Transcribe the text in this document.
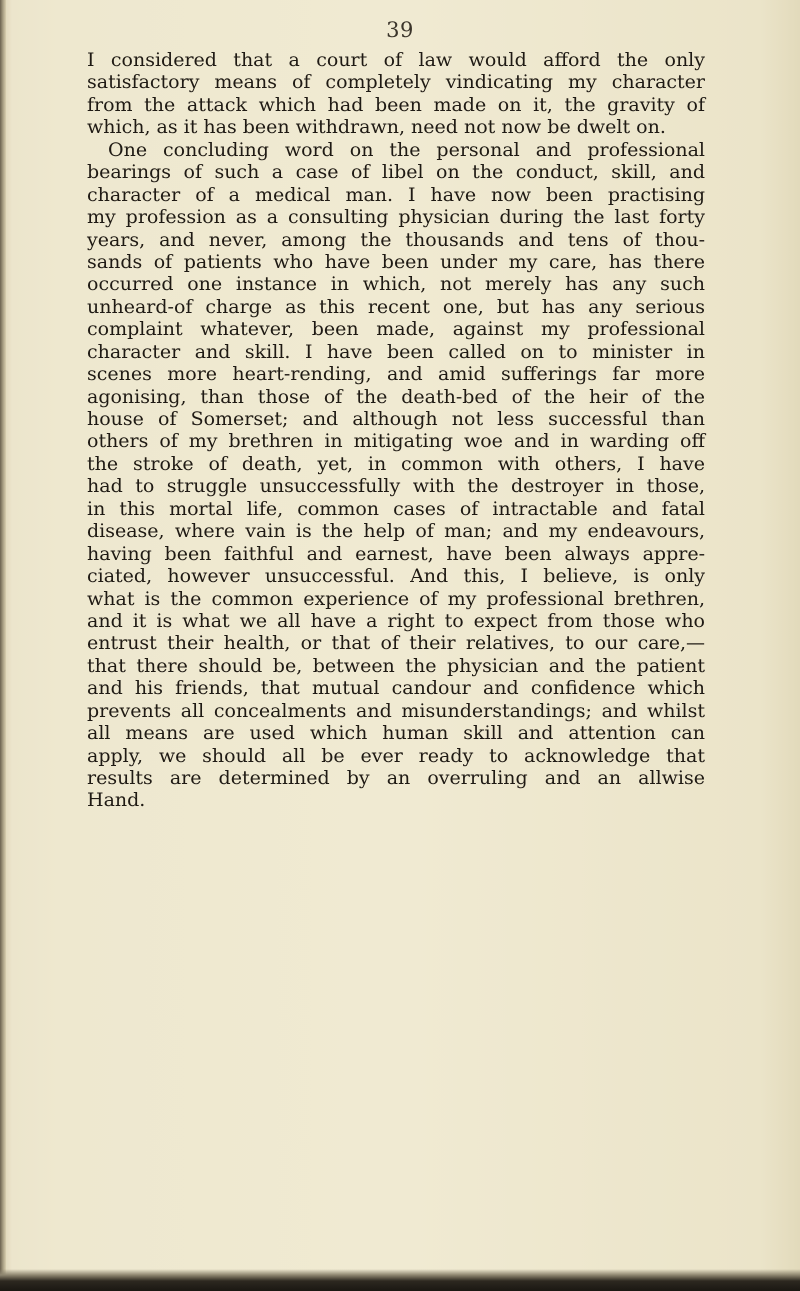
39
I considered that a court of law would afford the only
satisfactory means of completely vindicating my character
from the attack which had been made on it, the gravity of
which, as it has been withdrawn, need not now be dwelt on.
One concluding word on the personal and professional
bearings of such a case of libel on the conduct, skill, and
character of a medical man. I have now been practising
my profession as a consulting physician during the last forty
years, and never, among the thousands and tens of thou-
sands of patients who have been under my care, has there
occurred one instance in which, not merely has any such
unheard-of charge as this recent one, but has any serious
complaint whatever, been made, against my professional
character and skill. I have been called on to minister in
scenes more heart-rending, and amid sufferings far more
agonising, than those of the death-bed of the heir of the
house of Somerset; and although not less successful than
others of my brethren in mitigating woe and in warding off
the stroke of death, yet, in common with others, I have
had to struggle unsuccessfully with the destroyer in those,
in this mortal life, common cases of intractable and fatal
disease, where vain is the help of man; and my endeavours,
having been faithful and earnest, have been always appre-
ciated, however unsuccessful. And this, I believe, is only
what is the common experience of my professional brethren,
and it is what we all have a right to expect from those who
entrust their health, or that of their relatives, to our care,—
that there should be, between the physician and the patient
and his friends, that mutual candour and confidence which
prevents all concealments and misunderstandings; and whilst
all means are used which human skill and attention can
apply, we should all be ever ready to acknowledge that
results are determined by an overruling and an allwise
Hand.
